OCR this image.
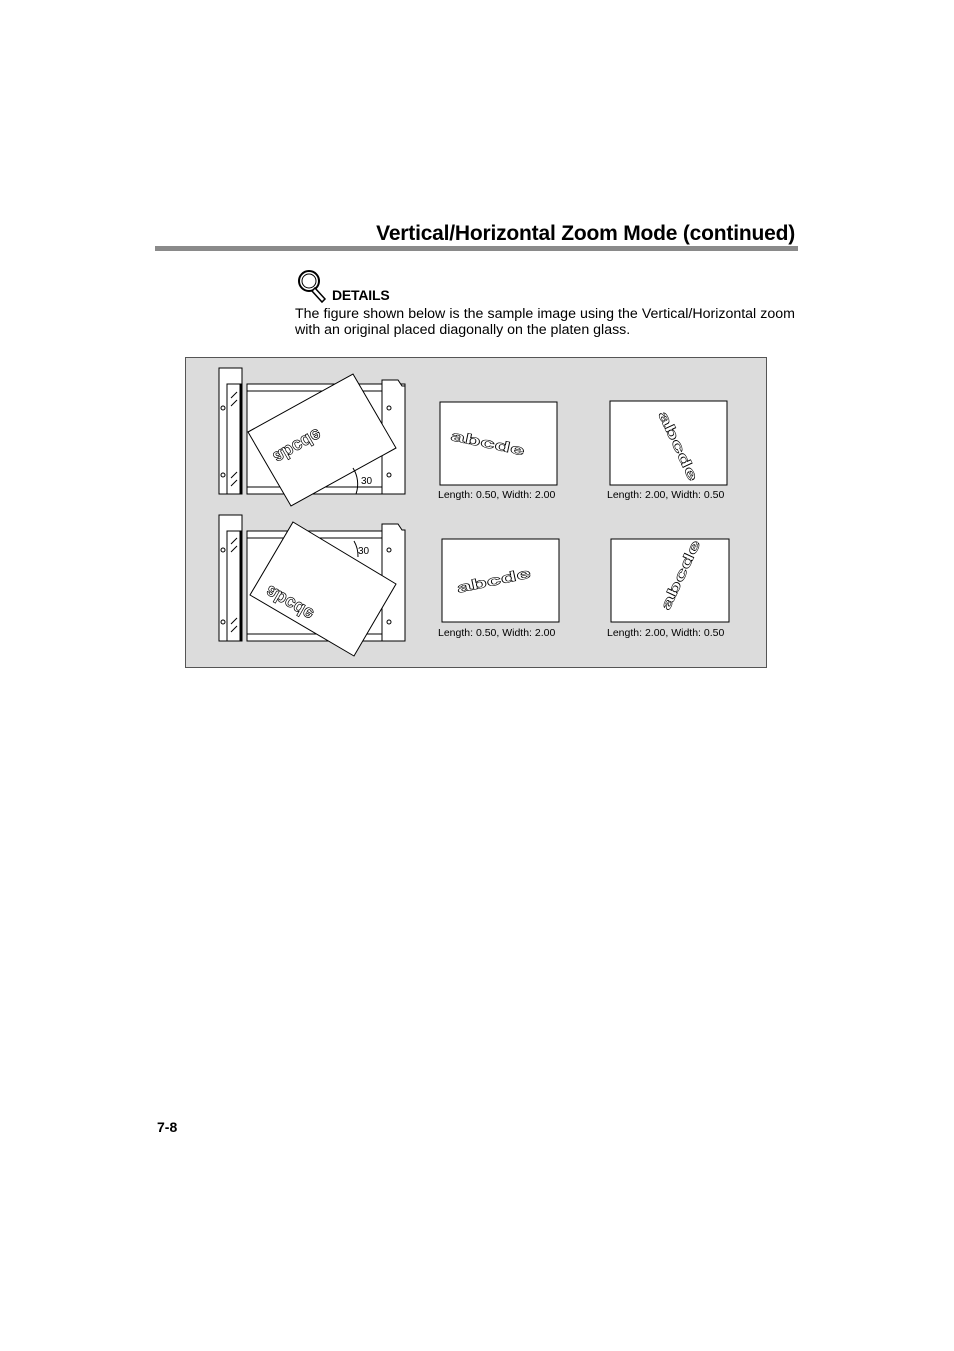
Vertical/Horizontal Zoom Mode (continued)
DETAILS
The figure shown below is the sample image using the Vertical/Horizontal zoom with an original placed diagonally on the platen glass.
abcde
30
abcde
30
abcde	abcde
abcde	abcde
Length: 0.50, Width: 2.00	Length: 2.00, Width: 0.50
Length: 0.50, Width: 2.00	Length: 2.00, Width: 0.50
7-8
